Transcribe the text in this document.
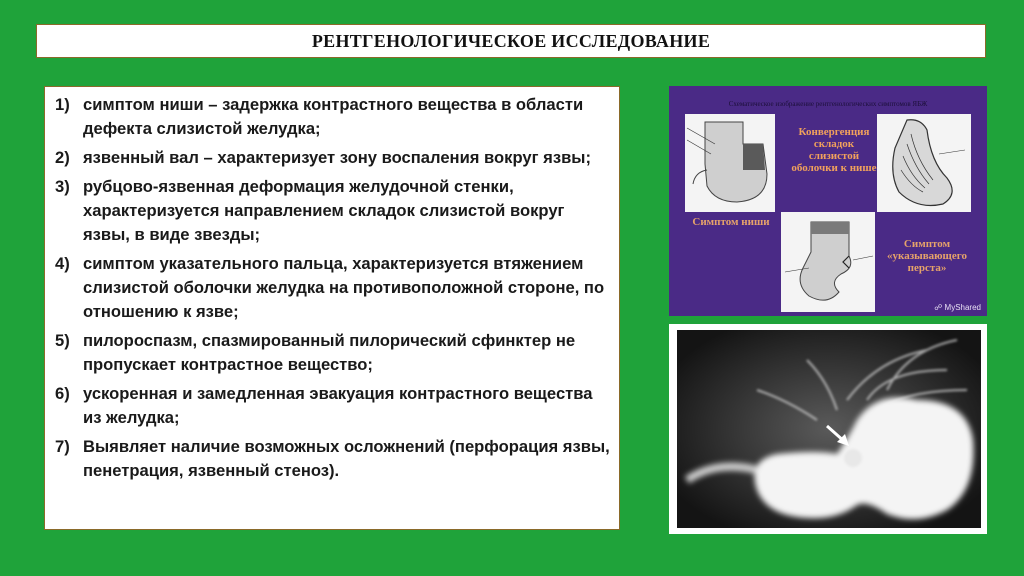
РЕНТГЕНОЛОГИЧЕСКОЕ ИССЛЕДОВАНИЕ
1) симптом ниши – задержка контрастного вещества в области дефекта слизистой желудка;
2) язвенный вал – характеризует зону воспаления вокруг язвы;
3) рубцово-язвенная деформация желудочной стенки, характеризуется направлением складок слизистой вокруг язвы, в виде звезды;
4) симптом указательного пальца, характеризуется втяжением слизистой оболочки желудка на противоположной стороне, по отношению к язве;
5) пилороспазм, спазмированный пилорический сфинктер не пропускает контрастное вещество;
6) ускоренная и замедленная эвакуация контрастного вещества из желудка;
7) Выявляет наличие возможных осложнений (перфорация язвы, пенетрация, язвенный стеноз).
Схематическое изображение рентгенологических симптомов ЯБЖ
Конвергенция складок слизистой оболочки к нише
Симптом ниши
Симптом «указывающего перста»
☍ MyShared
